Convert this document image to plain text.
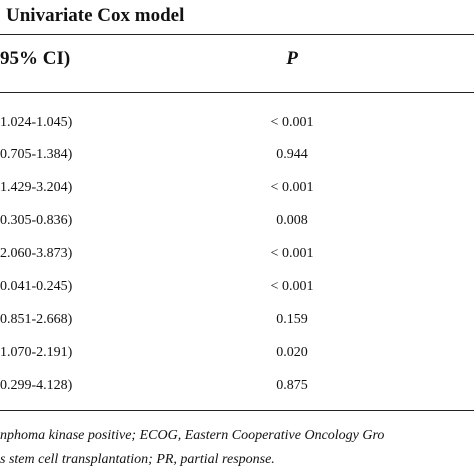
Univariate Cox model
95% CI)	P
1.024-1.045)	< 0.001
0.705-1.384)	0.944
1.429-3.204)	< 0.001
0.305-0.836)	0.008
2.060-3.873)	< 0.001
0.041-0.245)	< 0.001
0.851-2.668)	0.159
1.070-2.191)	0.020
0.299-4.128)	0.875
nphoma kinase positive; ECOG, Eastern Cooperative Oncology Gro
s stem cell transplantation; PR, partial response.
